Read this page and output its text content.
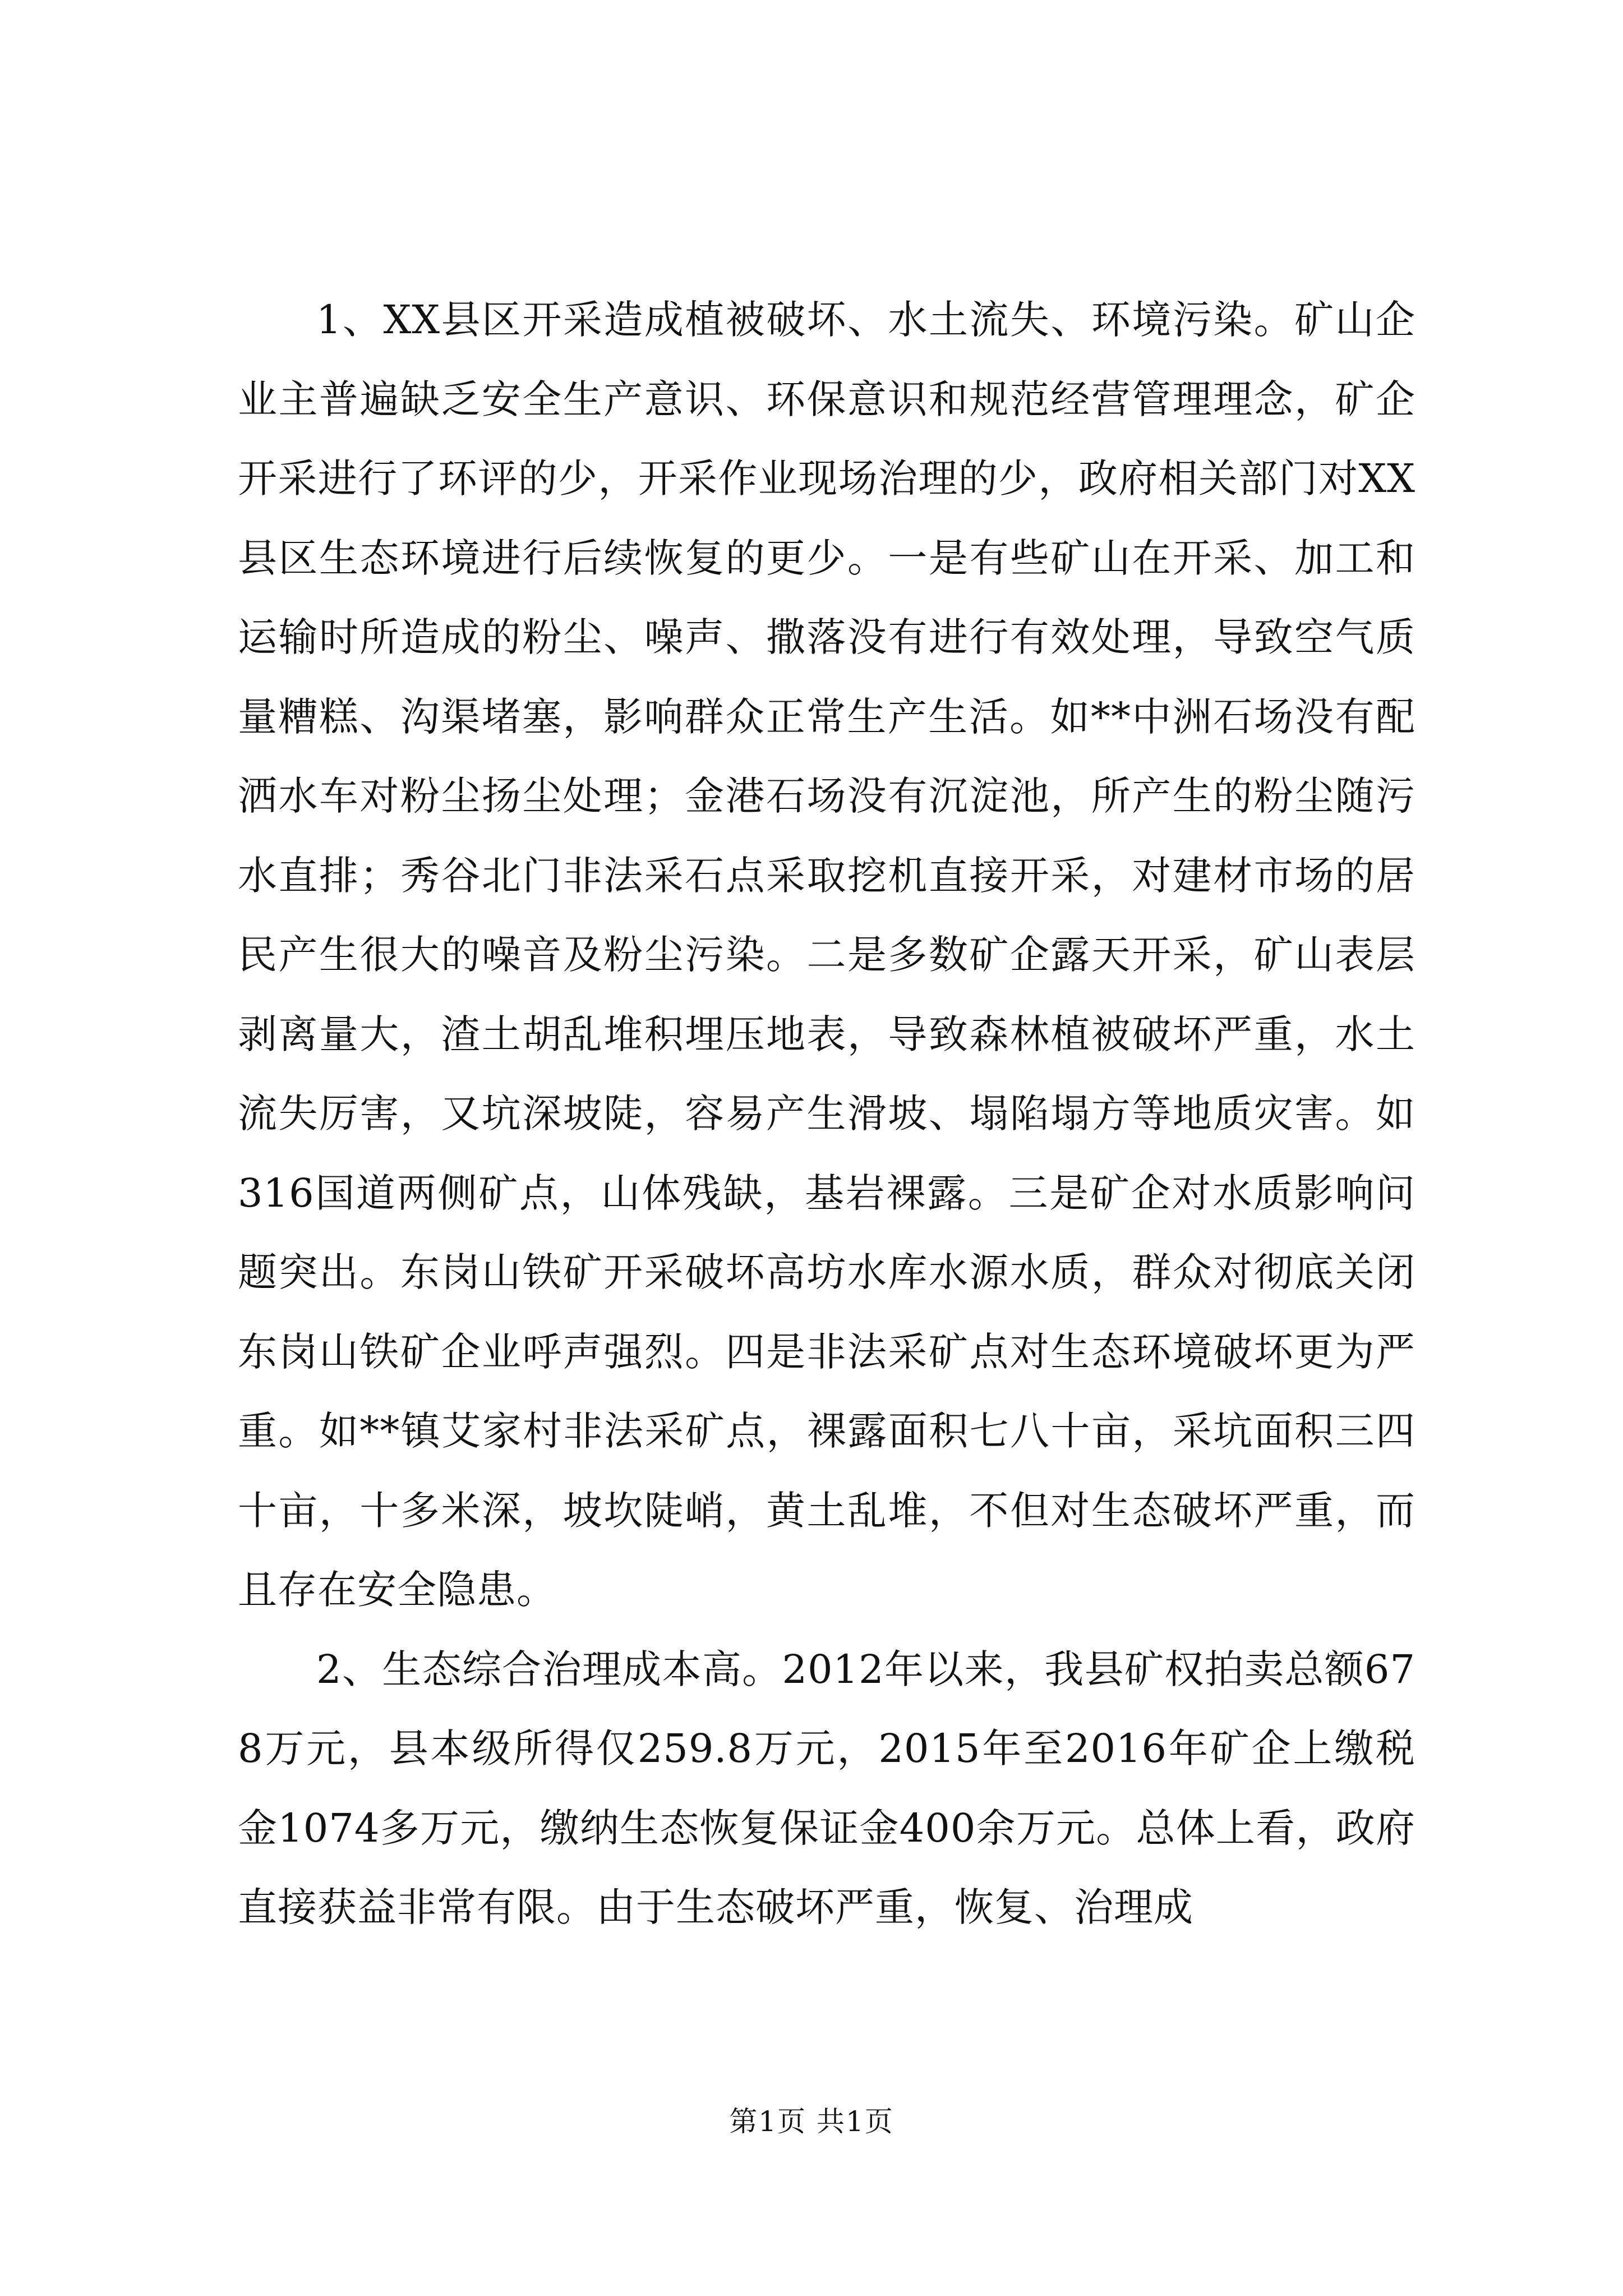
1、XX县区开采造成植被破坏、水土流失、环境污染。矿山企业主普遍缺乏安全生产意识、环保意识和规范经营管理理念，矿企开采进行了环评的少，开采作业现场治理的少，政府相关部门对XX县区生态环境进行后续恢复的更少。一是有些矿山在开采、加工和运输时所造成的粉尘、噪声、撒落没有进行有效处理，导致空气质量糟糕、沟渠堵塞，影响群众正常生产生活。如**中洲石场没有配洒水车对粉尘扬尘处理；金港石场没有沉淀池，所产生的粉尘随污水直排；秀谷北门非法采石点采取挖机直接开采，对建材市场的居民产生很大的噪音及粉尘污染。二是多数矿企露天开采，矿山表层剥离量大，渣土胡乱堆积埋压地表，导致森林植被破坏严重，水土流失厉害，又坑深坡陡，容易产生滑坡、塌陷塌方等地质灾害。如316国道两侧矿点，山体残缺，基岩裸露。三是矿企对水质影响问题突出。东岗山铁矿开采破坏高坊水库水源水质，群众对彻底关闭东岗山铁矿企业呼声强烈。四是非法采矿点对生态环境破坏更为严重。如**镇艾家村非法采矿点，裸露面积七八十亩，采坑面积三四十亩，十多米深，坡坎陡峭，黄土乱堆，不但对生态破坏严重，而且存在安全隐患。

2、生态综合治理成本高。2012年以来，我县矿权拍卖总额678万元，县本级所得仅259.8万元，2015年至2016年矿企上缴税金1074多万元，缴纳生态恢复保证金400余万元。总体上看，政府直接获益非常有限。由于生态破坏严重，恢复、治理成

第1页 共1页
